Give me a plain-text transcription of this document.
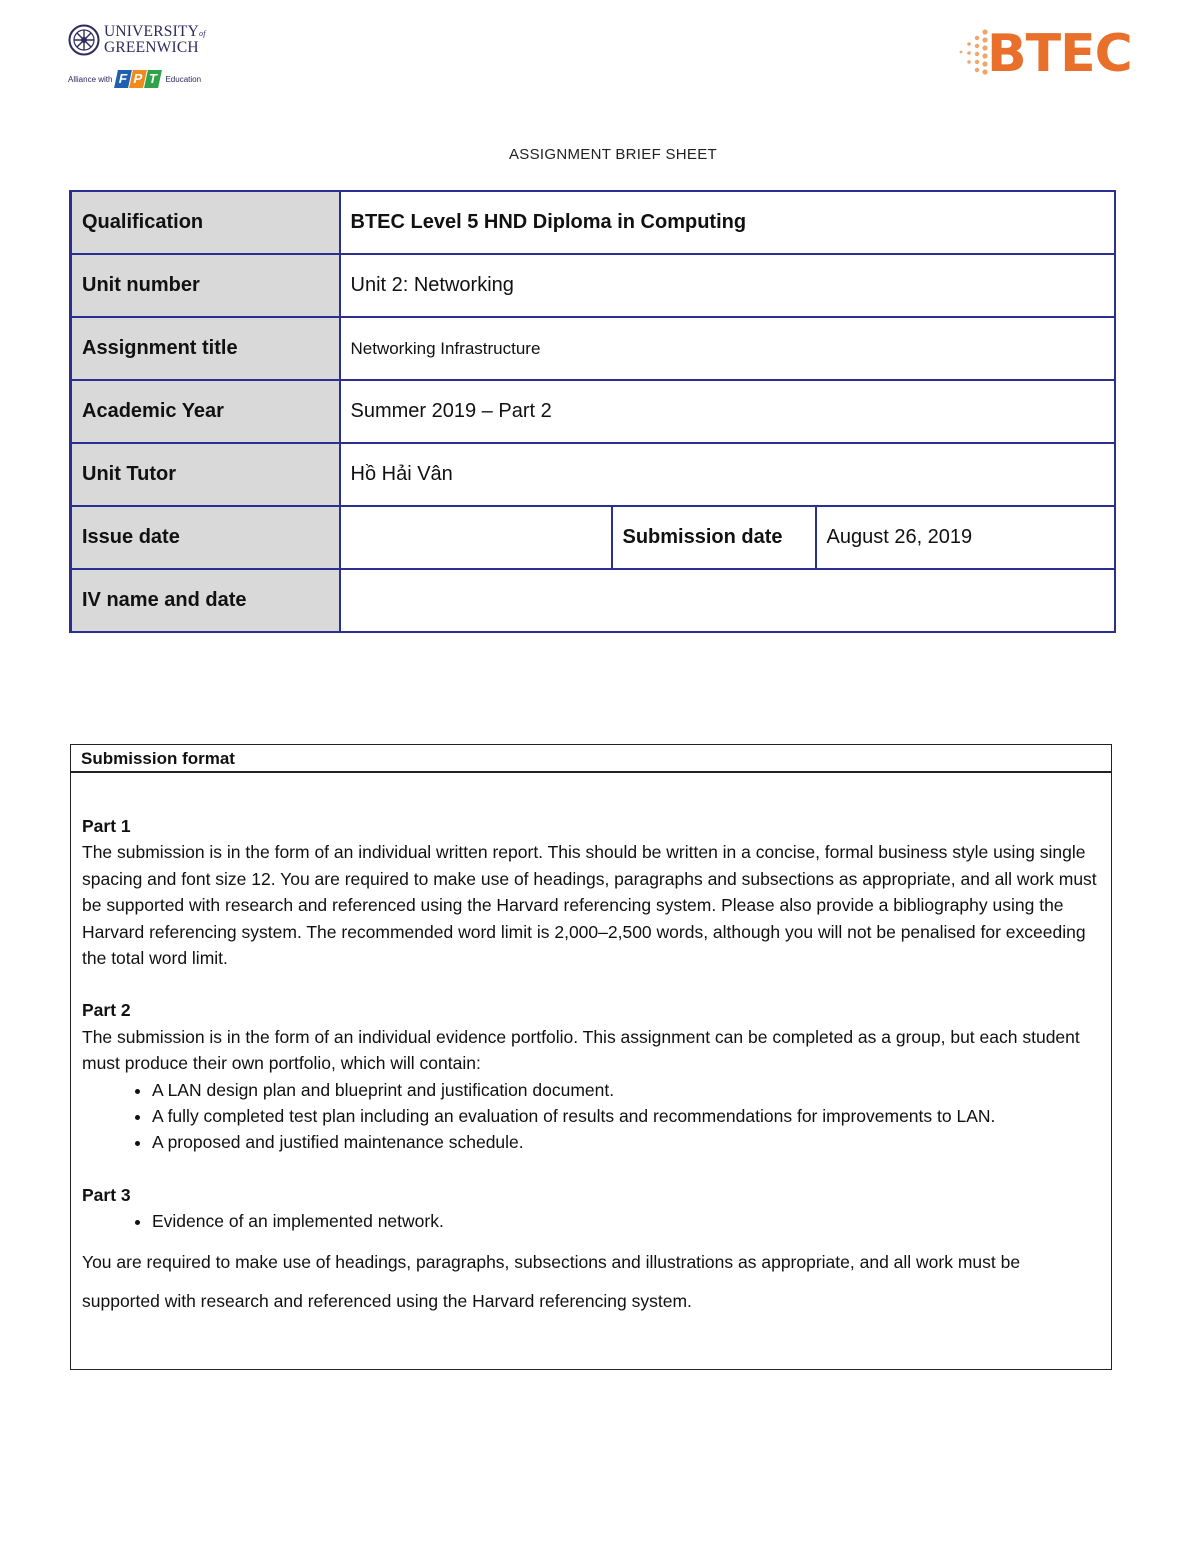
UNIVERSITYof
GREENWICH
Alliance with F P T Education	BTEC
ASSIGNMENT BRIEF SHEET
Qualification	BTEC Level 5 HND Diploma in Computing		
Unit number	Unit 2: Networking		
Assignment title	Networking Infrastructure		
Academic Year	Summer 2019 – Part 2		
Unit Tutor	Hồ Hải Vân		
Issue date		Submission date	August 26, 2019
IV name and date			
Submission format

Part 1

The submission is in the form of an individual written report. This should be written in a concise, formal business style using single spacing and font size 12. You are required to make use of headings, paragraphs and subsections as appropriate, and all work must be supported with research and referenced using the Harvard referencing system. Please also provide a bibliography using the Harvard referencing system. The recommended word limit is 2,000–2,500 words, although you will not be penalised for exceeding the total word limit.

Part 2

The submission is in the form of an individual evidence portfolio. This assignment can be completed as a group, but each student must produce their own portfolio, which will contain:

• A LAN design plan and blueprint and justification document.
• A fully completed test plan including an evaluation of results and recommendations for improvements to LAN.
• A proposed and justified maintenance schedule.

Part 3

• Evidence of an implemented network.

You are required to make use of headings, paragraphs, subsections and illustrations as appropriate, and all work must be supported with research and referenced using the Harvard referencing system.
